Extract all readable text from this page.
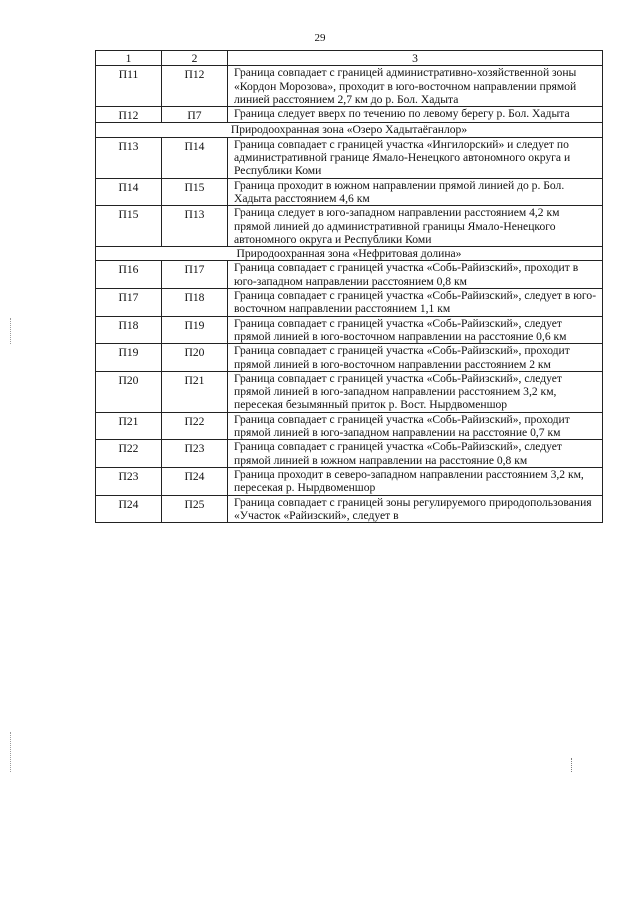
29
1	2	3
П11	П12	Граница совпадает с границей административно-хозяйственной зоны «Кордон Морозова», проходит в юго-восточном направлении прямой линией расстоянием 2,7 км до р. Бол. Хадыта
П12	П7	Граница следует вверх по течению по левому берегу р. Бол. Хадыта
Природоохранная зона «Озеро Хадытаёганлор»		
П13	П14	Граница совпадает с границей участка «Ингилорский» и следует по административной границе Ямало-Ненецкого автономного округа и Республики Коми
П14	П15	Граница проходит в южном направлении прямой линией до р. Бол. Хадыта расстоянием 4,6 км
П15	П13	Граница следует в юго-западном направлении расстоянием 4,2 км прямой линией до административной границы Ямало-Ненецкого автономного округа и Республики Коми
Природоохранная зона «Нефритовая долина»		
П16	П17	Граница совпадает с границей участка «Собь-Райизский», проходит в юго-западном направлении расстоянием 0,8 км
П17	П18	Граница совпадает с границей участка «Собь-Райизский», следует в юго-восточном направлении расстоянием 1,1 км
П18	П19	Граница совпадает с границей участка «Собь-Райизский», следует прямой линией в юго-восточном направлении на расстояние 0,6 км
П19	П20	Граница совпадает с границей участка «Собь-Райизский», проходит прямой линией в юго-восточном направлении расстоянием 2 км
П20	П21	Граница совпадает с границей участка «Собь-Райизский», следует прямой линией в юго-западном направлении расстоянием 3,2 км, пересекая безымянный приток р. Вост. Нырдвоменшор
П21	П22	Граница совпадает с границей участка «Собь-Райизский», проходит прямой линией в юго-западном направлении на расстояние 0,7 км
П22	П23	Граница совпадает с границей участка «Собь-Райизский», следует прямой линией в южном направлении на расстояние 0,8 км
П23	П24	Граница проходит в северо-западном направлении расстоянием 3,2 км, пересекая р. Нырдвоменшор
П24	П25	Граница совпадает с границей зоны регулируемого природопользования «Участок «Райизский», следует в
